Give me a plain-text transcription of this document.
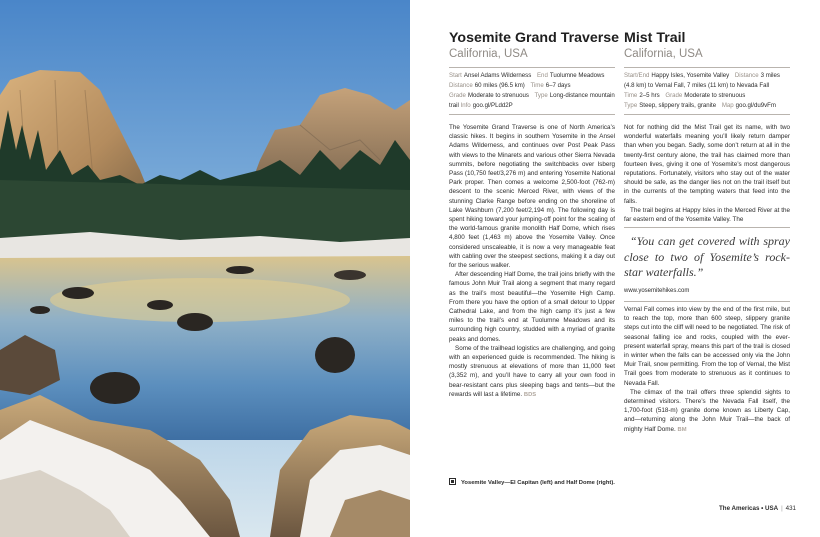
Yosemite Grand Traverse
California, USA
Start Ansel Adams Wilderness End Tuolumne Meadows
Distance 60 miles (96.5 km) Time 6–7 days
Grade Moderate to strenuous Type Long-distance mountain trail Info goo.gl/PLdd2P

The Yosemite Grand Traverse is one of North America’s classic hikes. It begins in southern Yosemite in the Ansel Adams Wilderness, and continues over Post Peak Pass with views to the Minarets and various other Sierra Nevada summits, before negotiating the switchbacks over Isberg Pass (10,750 feet/3,276 m) and entering Yosemite National Park proper. Then comes a welcome 2,500-foot (762-m) descent to the scenic Merced River, with views of the stunning Clarke Range before ending on the shoreline of Lake Washburn (7,200 feet/2,194 m). The following day is spent hiking toward your jumping-off point for the scaling of the world-famous granite monolith Half Dome, which rises 4,800 feet (1,463 m) above the Yosemite Valley. Once considered unscaleable, it is now a very manageable feat with cabling over the steepest sections, making it a day out for the serious walker.

After descending Half Dome, the trail joins briefly with the famous John Muir Trail along a segment that many regard as the trail’s most beautiful—the Yosemite High Camp. From there you have the option of a small detour to Upper Cathedral Lake, and from the high camp it’s just a few miles to the trail’s end at Tuolumne Meadows and its surrounding high country, studded with a myriad of granite peaks and domes.

Some of the trailhead logistics are challenging, and going with an experienced guide is recommended. The hiking is mostly strenuous at elevations of more than 11,000 feet (3,352 m), and you’ll have to carry all your own food in bear-resistant cans plus sleeping bags and tents—but the rewards will last a lifetime. BDS

Mist Trail
California, USA
Start/End Happy Isles, Yosemite Valley Distance 3 miles (4.8 km) to Vernal Fall, 7 miles (11 km) to Nevada Fall
Time 2–5 hrs Grade Moderate to strenuous
Type Steep, slippery trails, granite Map goo.gl/du9vFm

Not for nothing did the Mist Trail get its name, with two wonderful waterfalls meaning you’ll likely return damper than when you began. Sadly, some don’t return at all in the twenty-first century alone, the trail has claimed more than fourteen lives, giving it one of Yosemite’s most dangerous reputations. Fortunately, visitors who stay out of the water should be safe, as the danger lies not on the trail itself but in the currents of the tempting waters that feed into the falls.

The trail begins at Happy Isles in the Merced River at the far eastern end of the Yosemite Valley. The

“You can get covered with spray close to two of Yosemite’s rock-star waterfalls.”

www.yosemitehikes.com

Vernal Fall comes into view by the end of the first mile, but to reach the top, more than 600 steep, slippery granite steps cut into the cliff will need to be negotiated. The risk of seasonal falling ice and rocks, coupled with the ever-present waterfall spray, means this part of the trail is closed in winter when the falls can be accessed only via the John Muir Trail, snow permitting. From the top of Vernal, the Mist Trail goes from moderate to strenuous as it continues to Nevada Fall.

The climax of the trail offers three splendid sights to determined visitors. There’s the Nevada Fall itself, the 1,700-foot (518-m) granite dome known as Liberty Cap, and—returning along the John Muir Trail—the back of mighty Half Dome. BM

Yosemite Valley—El Capitan (left) and Half Dome (right).
The Americas • USA | 431
